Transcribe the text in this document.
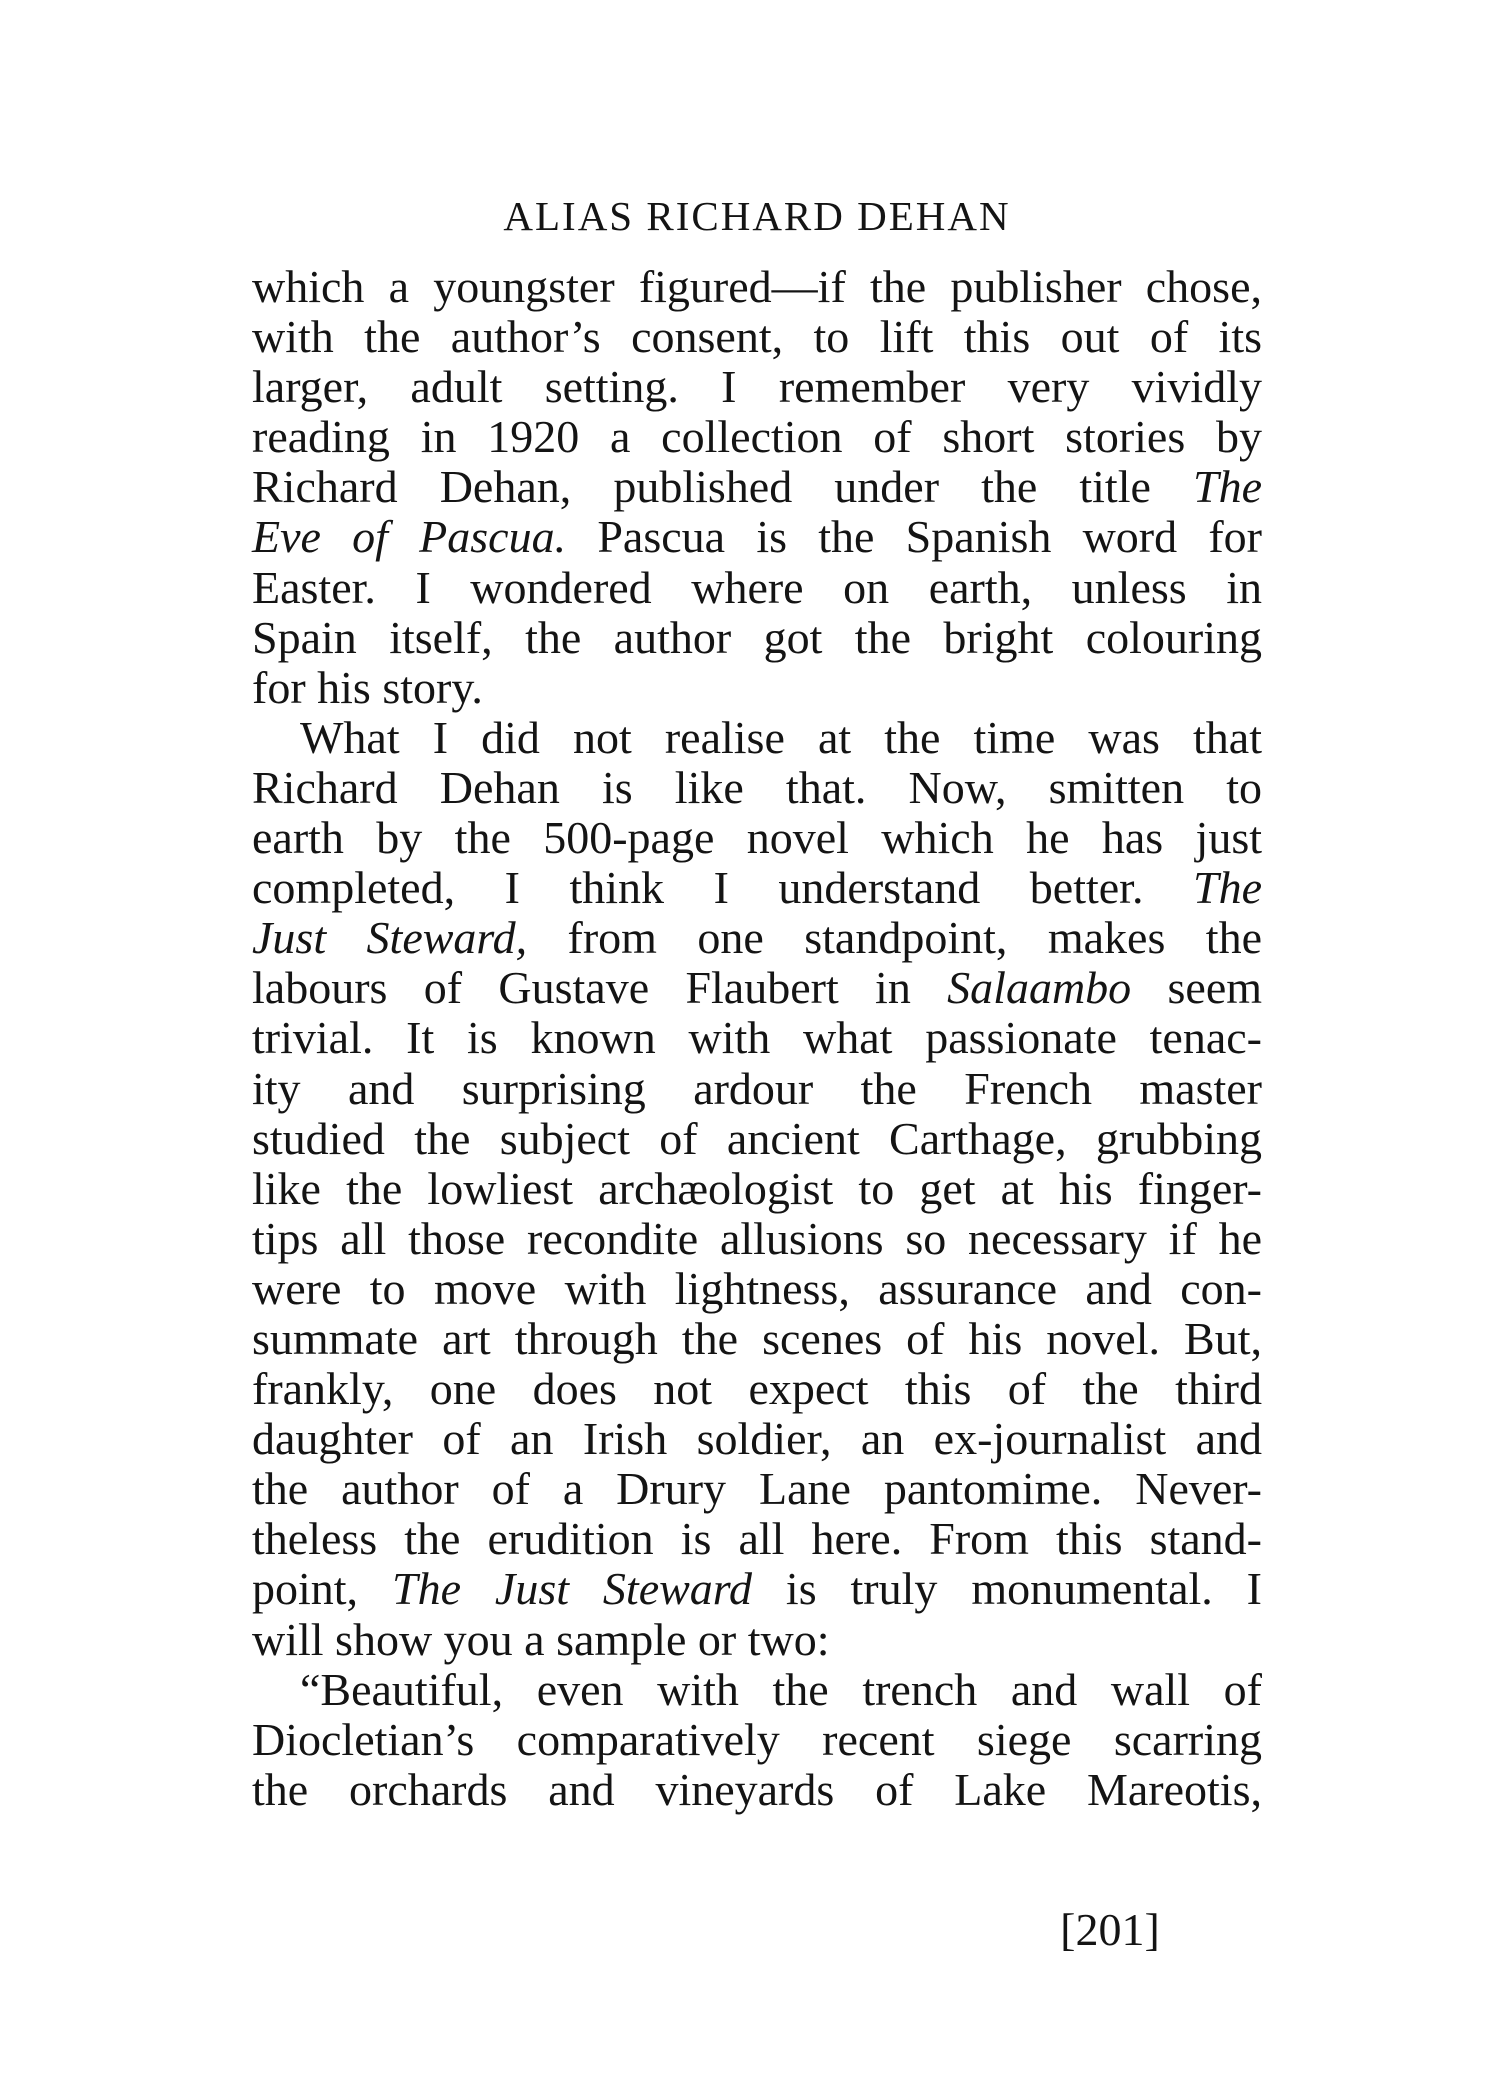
ALIAS RICHARD DEHAN
which a youngster figured—if the publisher chose,
with the author’s consent, to lift this out of its
larger, adult setting. I remember very vividly
reading in 1920 a collection of short stories by
Richard Dehan, published under the title The
Eve of Pascua. Pascua is the Spanish word for
Easter. I wondered where on earth, unless in
Spain itself, the author got the bright colouring
for his story.
What I did not realise at the time was that
Richard Dehan is like that. Now, smitten to
earth by the 500-page novel which he has just
completed, I think I understand better. The
Just Steward, from one standpoint, makes the
labours of Gustave Flaubert in Salaambo seem
trivial. It is known with what passionate tenac-
ity and surprising ardour the French master
studied the subject of ancient Carthage, grubbing
like the lowliest archæologist to get at his finger-
tips all those recondite allusions so necessary if he
were to move with lightness, assurance and con-
summate art through the scenes of his novel. But,
frankly, one does not expect this of the third
daughter of an Irish soldier, an ex-journalist and
the author of a Drury Lane pantomime. Never-
theless the erudition is all here. From this stand-
point, The Just Steward is truly monumental. I
will show you a sample or two:
“Beautiful, even with the trench and wall of
Diocletian’s comparatively recent siege scarring
the orchards and vineyards of Lake Mareotis,
[201]
